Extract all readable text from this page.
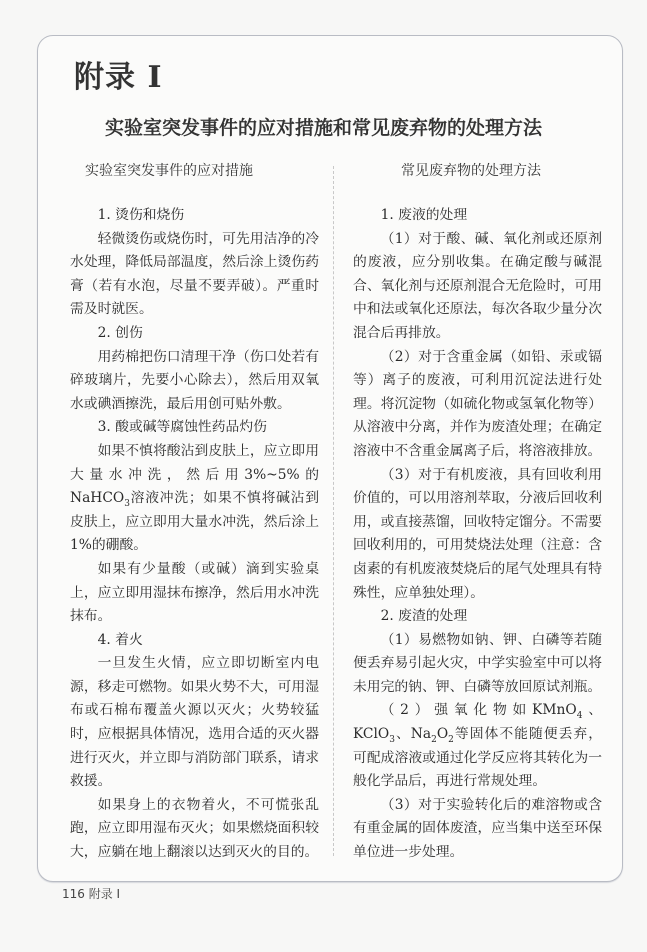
附录 I
实验室突发事件的应对措施和常见废弃物的处理方法
实验室突发事件的应对措施	常见废弃物的处理方法

1. 烫伤和烧伤

轻微烫伤或烧伤时，可先用洁净的冷水处理，降低局部温度，然后涂上烫伤药膏（若有水泡，尽量不要弄破）。严重时需及时就医。

2. 创伤

用药棉把伤口清理干净（伤口处若有碎玻璃片，先要小心除去），然后用双氧水或碘酒擦洗，最后用创可贴外敷。

3. 酸或碱等腐蚀性药品灼伤

如果不慎将酸沾到皮肤上，应立即用大量水冲洗，然后用3%~5%的NaHCO$_3$溶液冲洗；如果不慎将碱沾到皮肤上，应立即用大量水冲洗，然后涂上1%的硼酸。

如果有少量酸（或碱）滴到实验桌上，应立即用湿抹布擦净，然后用水冲洗抹布。

4. 着火

一旦发生火情，应立即切断室内电源，移走可燃物。如果火势不大，可用湿布或石棉布覆盖火源以灭火；火势较猛时，应根据具体情况，选用合适的灭火器进行灭火，并立即与消防部门联系，请求救援。

如果身上的衣物着火，不可慌张乱跑，应立即用湿布灭火；如果燃烧面积较大，应躺在地上翻滚以达到灭火的目的。

1. 废液的处理

（1）对于酸、碱、氧化剂或还原剂的废液，应分别收集。在确定酸与碱混合、氧化剂与还原剂混合无危险时，可用中和法或氧化还原法，每次各取少量分次混合后再排放。

（2）对于含重金属（如铅、汞或镉等）离子的废液，可利用沉淀法进行处理。将沉淀物（如硫化物或氢氧化物等）从溶液中分离，并作为废渣处理；在确定溶液中不含重金属离子后，将溶液排放。

（3）对于有机废液，具有回收利用价值的，可以用溶剂萃取，分液后回收利用，或直接蒸馏，回收特定馏分。不需要回收利用的，可用焚烧法处理（注意：含卤素的有机废液焚烧后的尾气处理具有特殊性，应单独处理）。

2. 废渣的处理

（1）易燃物如钠、钾、白磷等若随便丢弃易引起火灾，中学实验室中可以将未用完的钠、钾、白磷等放回原试剂瓶。

（2）强氧化物如KMnO$_4$、KClO$_3$、$Na_2O_2$等固体不能随便丢弃，可配成溶液或通过化学反应将其转化为一般化学品后，再进行常规处理。

（3）对于实验转化后的难溶物或含有重金属的固体废渣，应当集中送至环保单位进一步处理。

116 附录 I
